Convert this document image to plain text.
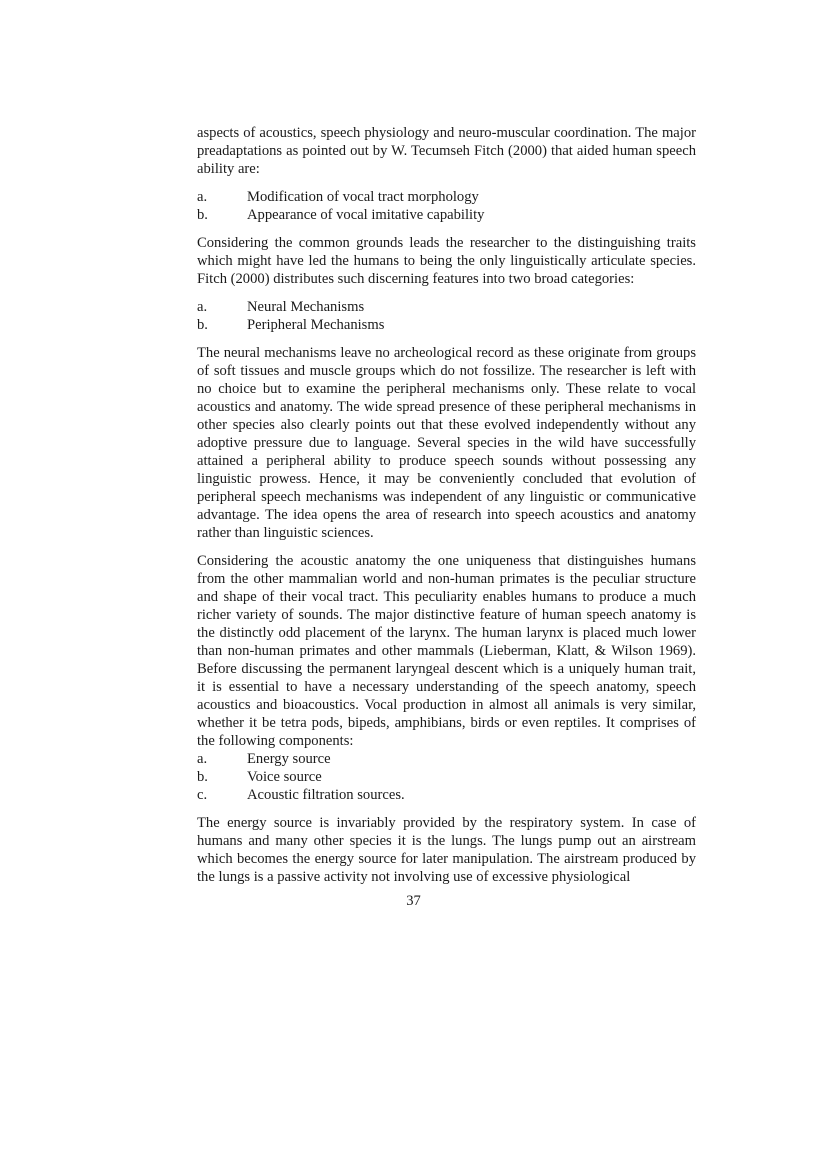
aspects of acoustics, speech physiology and neuro-muscular coordination. The major preadaptations as pointed out by W. Tecumseh Fitch (2000) that aided human speech ability are:

a.	Modification of vocal tract morphology
b.	Appearance of vocal imitative capability

Considering the common grounds leads the researcher to the distinguishing traits which might have led the humans to being the only linguistically articulate species. Fitch (2000) distributes such discerning features into two broad categories:

a.	Neural Mechanisms
b.	Peripheral Mechanisms

The neural mechanisms leave no archeological record as these originate from groups of soft tissues and muscle groups which do not fossilize. The researcher is left with no choice but to examine the peripheral mechanisms only. These relate to vocal acoustics and anatomy. The wide spread presence of these peripheral mechanisms in other species also clearly points out that these evolved independently without any adoptive pressure due to language. Several species in the wild have successfully attained a peripheral ability to produce speech sounds without possessing any linguistic prowess. Hence, it may be conveniently concluded that evolution of peripheral speech mechanisms was independent of any linguistic or communicative advantage. The idea opens the area of research into speech acoustics and anatomy rather than linguistic sciences.

Considering the acoustic anatomy the one uniqueness that distinguishes humans from the other mammalian world and non-human primates is the peculiar structure and shape of their vocal tract. This peculiarity enables humans to produce a much richer variety of sounds. The major distinctive feature of human speech anatomy is the distinctly odd placement of the larynx. The human larynx is placed much lower than non-human primates and other mammals (Lieberman, Klatt, & Wilson 1969). Before discussing the permanent laryngeal descent which is a uniquely human trait, it is essential to have a necessary understanding of the speech anatomy, speech acoustics and bioacoustics. Vocal production in almost all animals is very similar, whether it be tetra pods, bipeds, amphibians, birds or even reptiles. It comprises of the following components:

a.	Energy source
b.	Voice source
c.	Acoustic filtration sources.

The energy source is invariably provided by the respiratory system. In case of humans and many other species it is the lungs. The lungs pump out an airstream which becomes the energy source for later manipulation. The airstream produced by the lungs is a passive activity not involving use of excessive physiological

37
